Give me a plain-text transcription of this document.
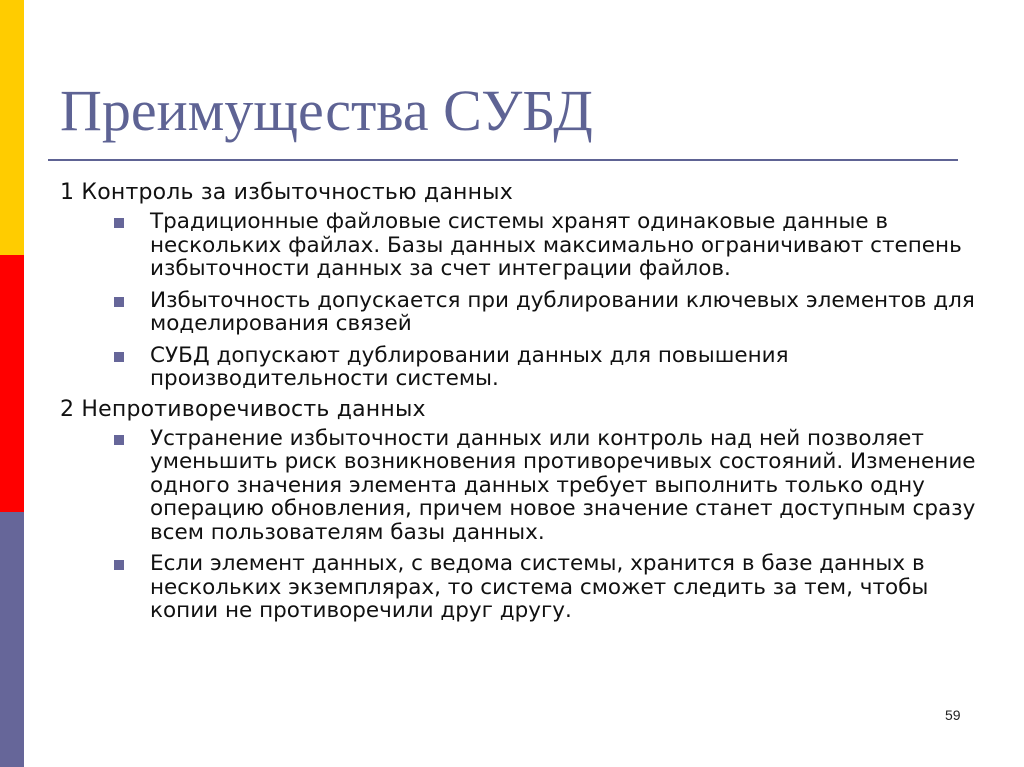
Преимущества СУБД
1 Контроль за избыточностью данных

Традиционные файловые системы хранят одинаковые данные в нескольких файлах. Базы данных максимально ограничивают степень избыточности данных за счет интеграции файлов.

Избыточность допускается при дублировании ключевых элементов для моделирования связей

СУБД допускают дублировании данных для повышения производительности системы.

2 Непротиворечивость данных

Устранение избыточности данных или контроль над ней позволяет уменьшить риск возникновения противоречивых состояний. Изменение одного значения элемента данных требует выполнить только одну операцию обновления, причем новое значение станет доступным сразу всем пользователям базы данных.

Если элемент данных, с ведома системы, хранится в базе данных в нескольких экземплярах, то система сможет следить за тем, чтобы копии не противоречили друг другу.

59
